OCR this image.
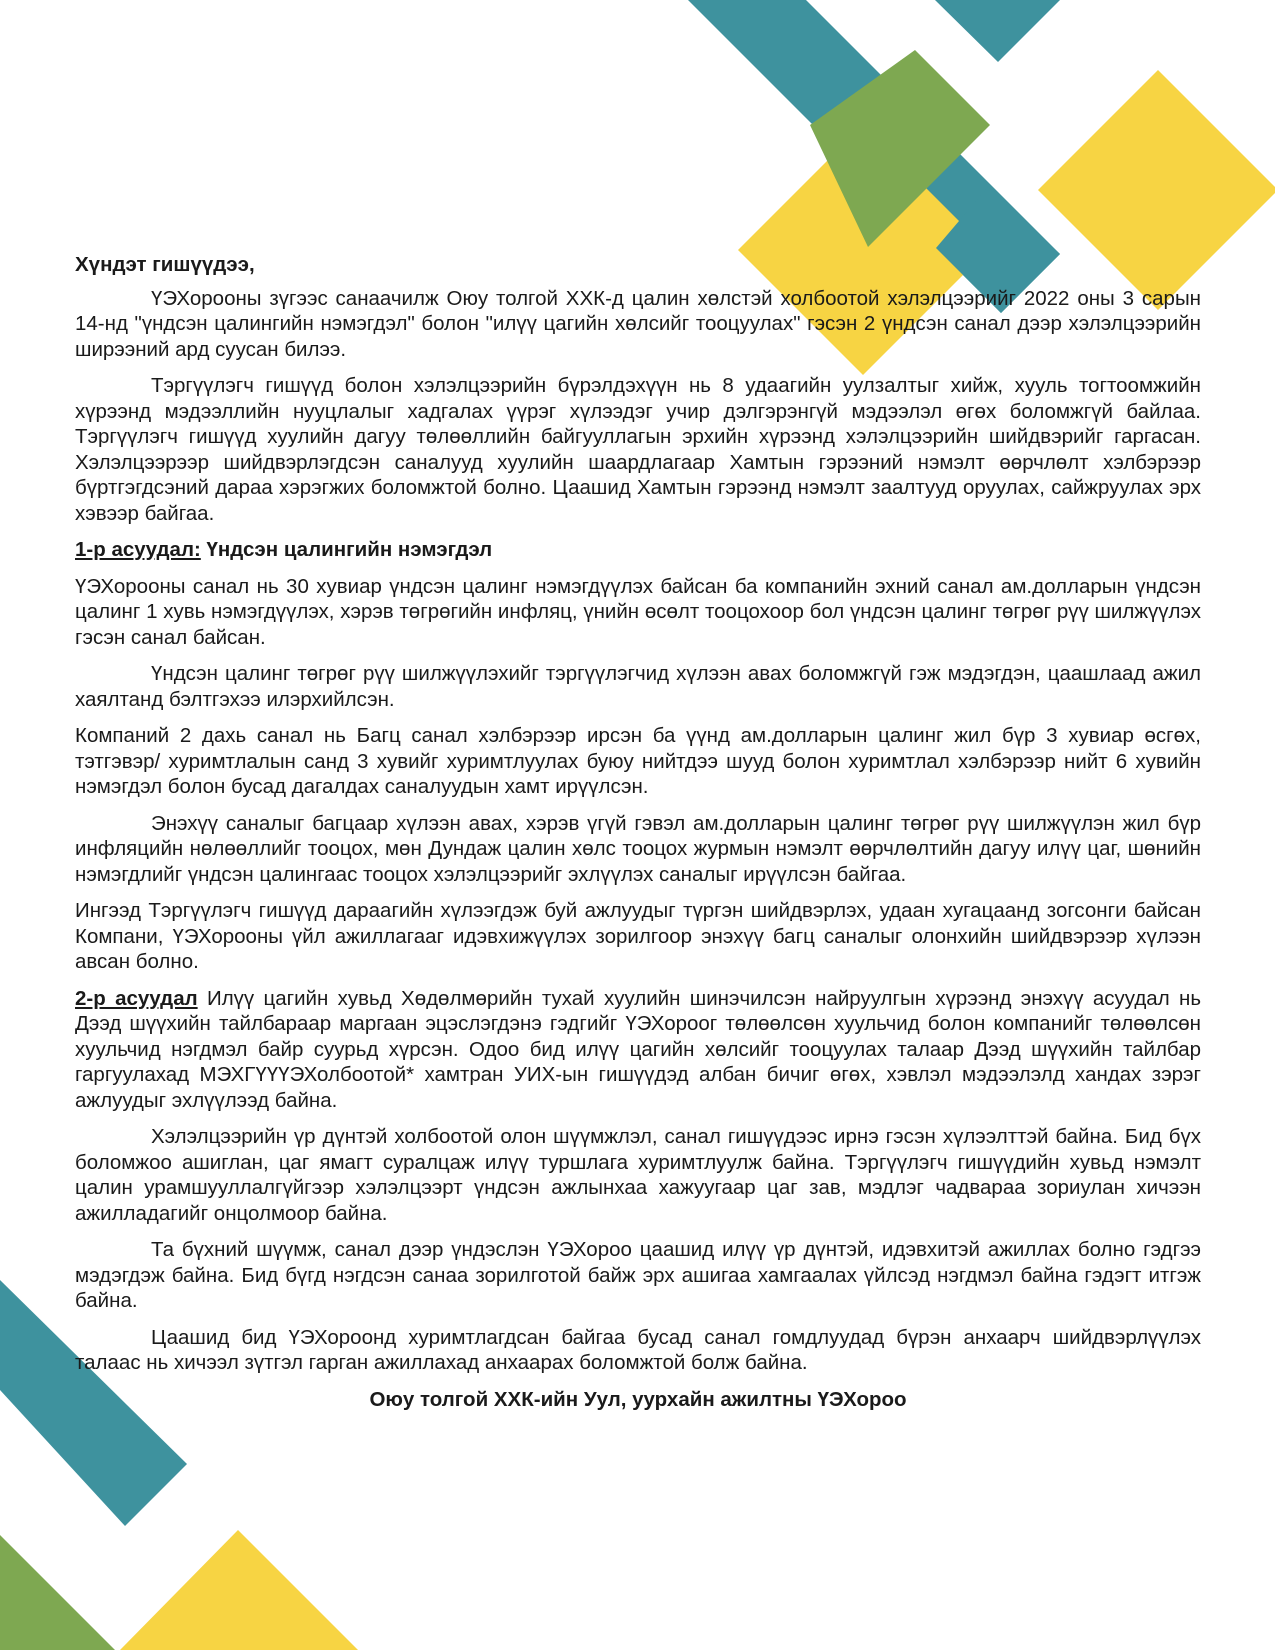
Хүндэт гишүүдээ,

ҮЭХорооны зүгээс санаачилж Оюу толгой ХХК-д цалин хөлстэй холбоотой хэлэлцээрийг 2022 оны 3 сарын 14-нд "үндсэн цалингийн нэмэгдэл" болон "илүү цагийн хөлсийг тооцуулах" гэсэн 2 үндсэн санал дээр хэлэлцээрийн ширээний ард суусан билээ.

Тэргүүлэгч гишүүд болон хэлэлцээрийн бүрэлдэхүүн нь 8 удаагийн уулзалтыг хийж, хууль тогтоомжийн хүрээнд мэдээллийн нууцлалыг хадгалах үүрэг хүлээдэг учир дэлгэрэнгүй мэдээлэл өгөх боломжгүй байлаа. Тэргүүлэгч гишүүд хуулийн дагуу төлөөллийн байгууллагын эрхийн хүрээнд хэлэлцээрийн шийдвэрийг гаргасан. Хэлэлцээрээр шийдвэрлэгдсэн саналууд хуулийн шаардлагаар Хамтын гэрээний нэмэлт өөрчлөлт хэлбэрээр бүртгэгдсэний дараа хэрэгжих боломжтой болно. Цаашид Хамтын гэрээнд нэмэлт заалтууд оруулах, сайжруулах эрх хэвээр байгаа.

1-р асуудал: Үндсэн цалингийн нэмэгдэл

ҮЭХорооны санал нь 30 хувиар үндсэн цалинг нэмэгдүүлэх байсан ба компанийн эхний санал ам.долларын үндсэн цалинг 1 хувь нэмэгдүүлэх, хэрэв төгрөгийн инфляц, үнийн өсөлт тооцохоор бол үндсэн цалинг төгрөг рүү шилжүүлэх гэсэн санал байсан.

Үндсэн цалинг төгрөг рүү шилжүүлэхийг тэргүүлэгчид хүлээн авах боломжгүй гэж мэдэгдэн, цаашлаад ажил хаялтанд бэлтгэхээ илэрхийлсэн.

Компаний 2 дахь санал нь Багц санал хэлбэрээр ирсэн ба үүнд ам.долларын цалинг жил бүр 3 хувиар өсгөх, тэтгэвэр/ хуримтлалын санд 3 хувийг хуримтлуулах буюу нийтдээ шууд болон хуримтлал хэлбэрээр нийт 6 хувийн нэмэгдэл болон бусад дагалдах саналуудын хамт ирүүлсэн.

Энэхүү саналыг багцаар хүлээн авах, хэрэв үгүй гэвэл ам.долларын цалинг төгрөг рүү шилжүүлэн жил бүр инфляцийн нөлөөллийг тооцох, мөн Дундаж цалин хөлс тооцох журмын нэмэлт өөрчлөлтийн дагуу илүү цаг, шөнийн нэмэгдлийг үндсэн цалингаас тооцох хэлэлцээрийг эхлүүлэх саналыг ирүүлсэн байгаа.

Ингээд Тэргүүлэгч гишүүд дараагийн хүлээгдэж буй ажлуудыг түргэн шийдвэрлэх, удаан хугацаанд зогсонги байсан Компани, ҮЭХорооны үйл ажиллагааг идэвхижүүлэх зорилгоор энэхүү багц саналыг олонхийн шийдвэрээр хүлээн авсан болно.

2-р асуудал Илүү цагийн хувьд Хөдөлмөрийн тухай хуулийн шинэчилсэн найруулгын хүрээнд энэхүү асуудал нь Дээд шүүхийн тайлбараар маргаан эцэслэгдэнэ гэдгийг ҮЭХороог төлөөлсөн хуульчид болон компанийг төлөөлсөн хуульчид нэгдмэл байр суурьд хүрсэн. Одоо бид илүү цагийн хөлсийг тооцуулах талаар Дээд шүүхийн тайлбар гаргуулахад МЭХГҮҮҮЭХолбоотой* хамтран УИХ-ын гишүүдэд албан бичиг өгөх, хэвлэл мэдээлэлд хандах зэрэг ажлуудыг эхлүүлээд байна.

Хэлэлцээрийн үр дүнтэй холбоотой олон шүүмжлэл, санал гишүүдээс ирнэ гэсэн хүлээлттэй байна. Бид бүх боломжоо ашиглан, цаг ямагт суралцаж илүү туршлага хуримтлуулж байна. Тэргүүлэгч гишүүдийн хувьд нэмэлт цалин урамшууллалгүйгээр хэлэлцээрт үндсэн ажлынхаа хажуугаар цаг зав, мэдлэг чадвараа зориулан хичээн ажилладагийг онцолмоор байна.

Та бүхний шүүмж, санал дээр үндэслэн ҮЭХороо цаашид илүү үр дүнтэй, идэвхитэй ажиллах болно гэдгээ мэдэгдэж байна. Бид бүгд нэгдсэн санаа зорилготой байж эрх ашигаа хамгаалах үйлсэд нэгдмэл байна гэдэгт итгэж байна.

Цаашид бид ҮЭХороонд хуримтлагдсан байгаа бусад санал гомдлуудад бүрэн анхаарч шийдвэрлүүлэх талаас нь хичээл зүтгэл гарган ажиллахад анхаарах боломжтой болж байна.

Оюу толгой ХХК-ийн Уул, уурхайн ажилтны ҮЭХороо
